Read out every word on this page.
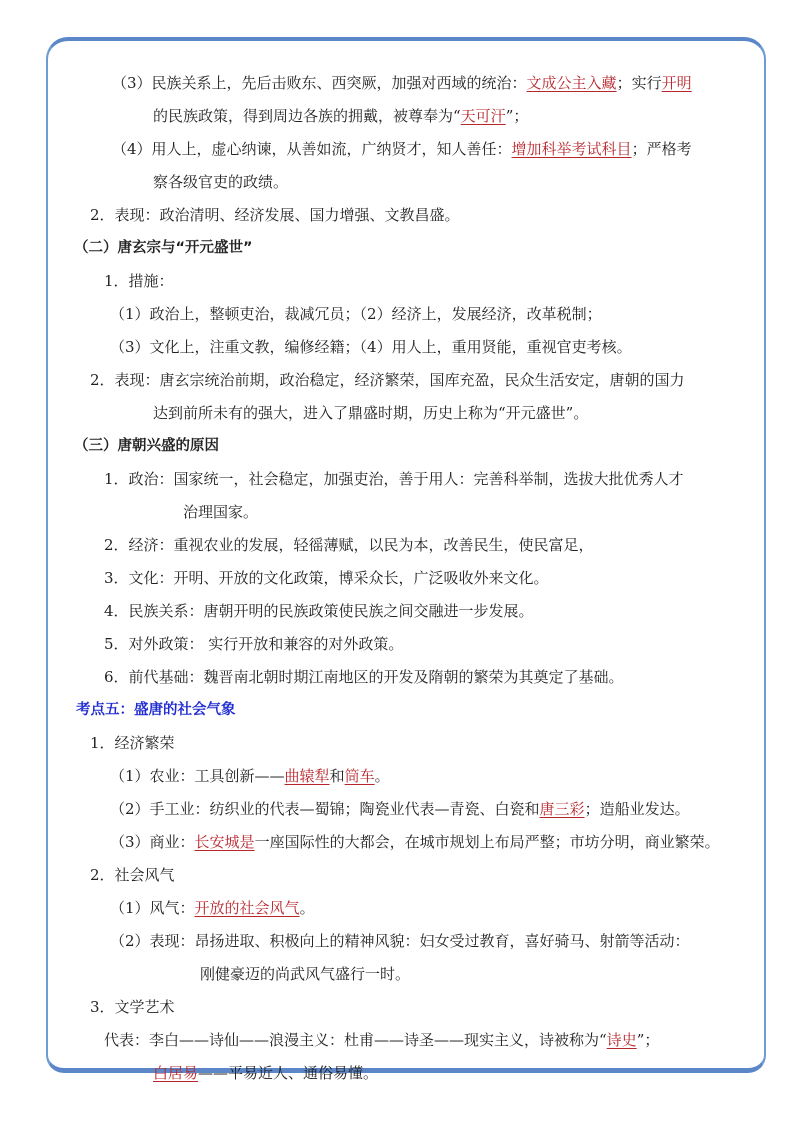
（3）民族关系上，先后击败东、西突厥，加强对西域的统治：文成公主入藏；实行开明
的民族政策，得到周边各族的拥戴，被尊奉为“天可汗”；
（4）用人上，虚心纳谏，从善如流，广纳贤才，知人善任：增加科举考试科目；严格考
察各级官吏的政绩。
2．表现：政治清明、经济发展、国力增强、文教昌盛。
（二）唐玄宗与“开元盛世”
1．措施：
（1）政治上，整顿吏治，裁减冗员；（2）经济上，发展经济，改革税制；
（3）文化上，注重文教，编修经籍；（4）用人上，重用贤能，重视官吏考核。
2．表现：唐玄宗统治前期，政治稳定，经济繁荣，国库充盈，民众生活安定，唐朝的国力
达到前所未有的强大，进入了鼎盛时期，历史上称为“开元盛世”。
（三）唐朝兴盛的原因
1．政治：国家统一，社会稳定，加强吏治，善于用人：完善科举制，选拔大批优秀人才
治理国家。
2．经济：重视农业的发展，轻徭薄赋，以民为本，改善民生，使民富足，
3．文化：开明、开放的文化政策，博采众长，广泛吸收外来文化。
4．民族关系：唐朝开明的民族政策使民族之间交融进一步发展。
5．对外政策： 实行开放和兼容的对外政策。
6．前代基础：魏晋南北朝时期江南地区的开发及隋朝的繁荣为其奠定了基础。
考点五：盛唐的社会气象
1．经济繁荣
（1）农业：工具创新——曲辕犁和筒车。
（2）手工业：纺织业的代表—蜀锦；陶瓷业代表—青瓷、白瓷和唐三彩；造船业发达。
（3）商业：长安城是一座国际性的大都会，在城市规划上布局严整；市坊分明，商业繁荣。
2．社会风气
（1）风气：开放的社会风气。
（2）表现：昂扬进取、积极向上的精神风貌：妇女受过教育，喜好骑马、射箭等活动：
刚健豪迈的尚武风气盛行一时。
3．文学艺术
代表：李白——诗仙——浪漫主义：杜甫——诗圣——现实主义，诗被称为“诗史”；
白居易——平易近人、通俗易懂。
